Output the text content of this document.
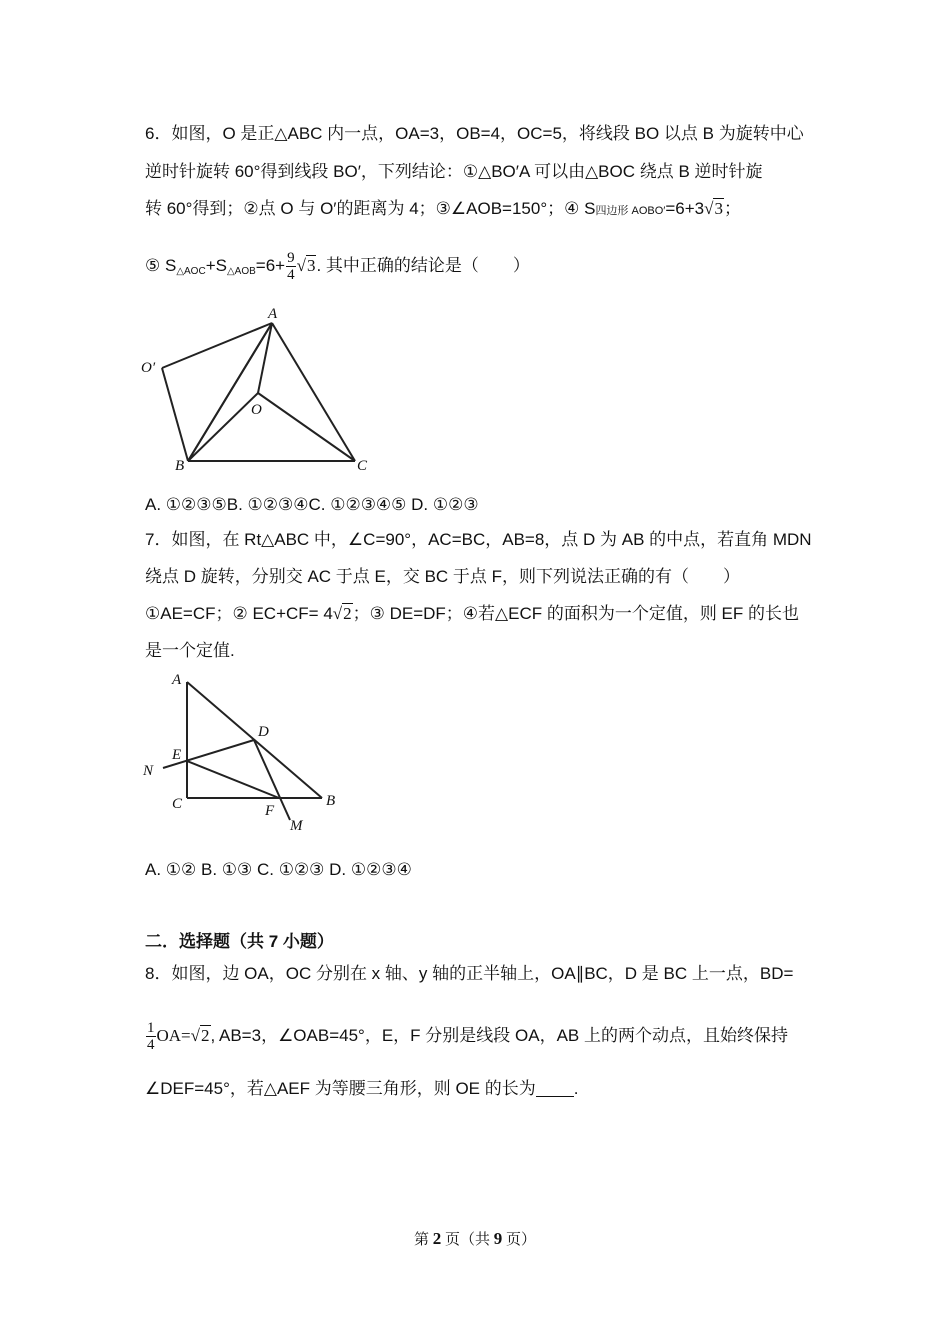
6．如图，O 是正△ABC 内一点，OA=3，OB=4，OC=5，将线段 BO 以点 B 为旋转中心
逆时针旋转 60°得到线段 BO′，下列结论：①△BO′A 可以由△BOC 绕点 B 逆时针旋
转 60°得到；②点 O 与 O′的距离为 4；③∠AOB=150°；④ S四边形 AOBO′=6+3√3；
⑤ $S_{\triangle AOC}+S_{\triangle AOB}=6+ \frac{9}{4} √3$. 其中正确的结论是（　　）
A
O′
O
B	C
A. ①②③⑤B. ①②③④C. ①②③④⑤ D. ①②③
7．如图，在 Rt△ABC 中，∠C=90°，AC=BC，AB=8，点 D 为 AB 的中点，若直角 MDN
绕点 D 旋转，分别交 AC 于点 E，交 BC 于点 F，则下列说法正确的有（　　）
①AE=CF；② EC+CF= 4√2；③ DE=DF；④若△ECF 的面积为一个定值，则 EF 的长也
是一个定值.
A
D
E
N
C	F
B
M
A. ①② B. ①③ C. ①②③ D. ①②③④
二．选择题（共 7 小题）
8．如图，边 OA，OC 分别在 x 轴、y 轴的正半轴上，OA∥BC，D 是 BC 上一点，BD=
$\frac{1}{4} OA=√2$, AB=3，∠OAB=45°，E，F 分别是线段 OA，AB 上的两个动点，且始终保持
∠DEF=45°，若△AEF 为等腰三角形，则 OE 的长为 .
第 2 页（共 9 页）
